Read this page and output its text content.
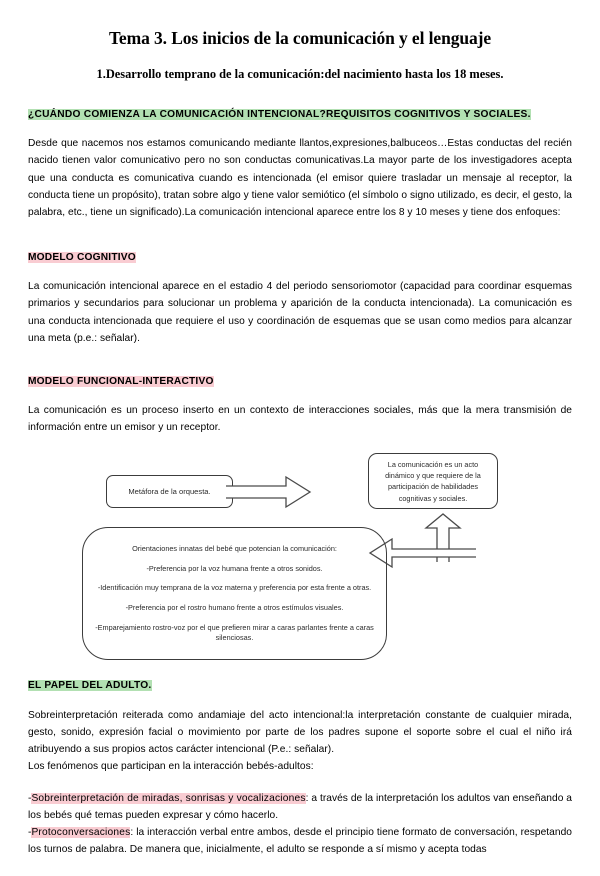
Tema 3. Los inicios de la comunicación y el lenguaje
1.Desarrollo temprano de la comunicación:del nacimiento hasta los 18 meses.
¿CUÁNDO COMIENZA LA COMUNICACIÓN INTENCIONAL?REQUISITOS COGNITIVOS Y SOCIALES.

Desde que nacemos nos estamos comunicando mediante llantos,expresiones,balbuceos…Estas conductas del recién nacido tienen valor comunicativo pero no son conductas comunicativas.La mayor parte de los investigadores acepta que una conducta es comunicativa cuando es intencionada (el emisor quiere trasladar un mensaje al receptor, la conducta tiene un propósito), tratan sobre algo y tiene valor semiótico (el símbolo o signo utilizado, es decir, el gesto, la palabra, etc., tiene un significado).La comunicación intencional aparece entre los 8 y 10 meses y tiene dos enfoques:

MODELO COGNITIVO

La comunicación intencional aparece en el estadio 4 del periodo sensoriomotor (capacidad para coordinar esquemas primarios y secundarios para solucionar un problema y aparición de la conducta intencionada). La comunicación es una conducta intencionada que requiere el uso y coordinación de esquemas que se usan como medios para alcanzar una meta (p.e.: señalar).

MODELO FUNCIONAL-INTERACTIVO

La comunicación es un proceso inserto en un contexto de interacciones sociales, más que la mera transmisión de información entre un emisor y un receptor.

Metáfora de la orquesta.
La comunicación es un acto dinámico y que requiere de la participación de habilidades cognitivas y sociales.
Orientaciones innatas del bebé que potencian la comunicación:
-Preferencia por la voz humana frente a otros sonidos.
-Identificación muy temprana de la voz materna y preferencia por esta frente a otras.
-Preferencia por el rostro humano frente a otros estímulos visuales.
-Emparejamiento rostro-voz por el que prefieren mirar a caras parlantes frente a caras silenciosas.
EL PAPEL DEL ADULTO.

Sobreinterpretación reiterada como andamiaje del acto intencional:la interpretación constante de cualquier mirada, gesto, sonido, expresión facial o movimiento por parte de los padres supone el soporte sobre el cual el niño irá atribuyendo a sus propios actos carácter intencional (P.e.: señalar).

Los fenómenos que participan en la interacción bebés-adultos:

-Sobreinterpretación de miradas, sonrisas y vocalizaciones: a través de la interpretación los adultos van enseñando a los bebés qué temas pueden expresar y cómo hacerlo.
-Protoconversaciones: la interacción verbal entre ambos, desde el principio tiene formato de conversación, respetando los turnos de palabra. De manera que, inicialmente, el adulto se responde a sí mismo y acepta todas
